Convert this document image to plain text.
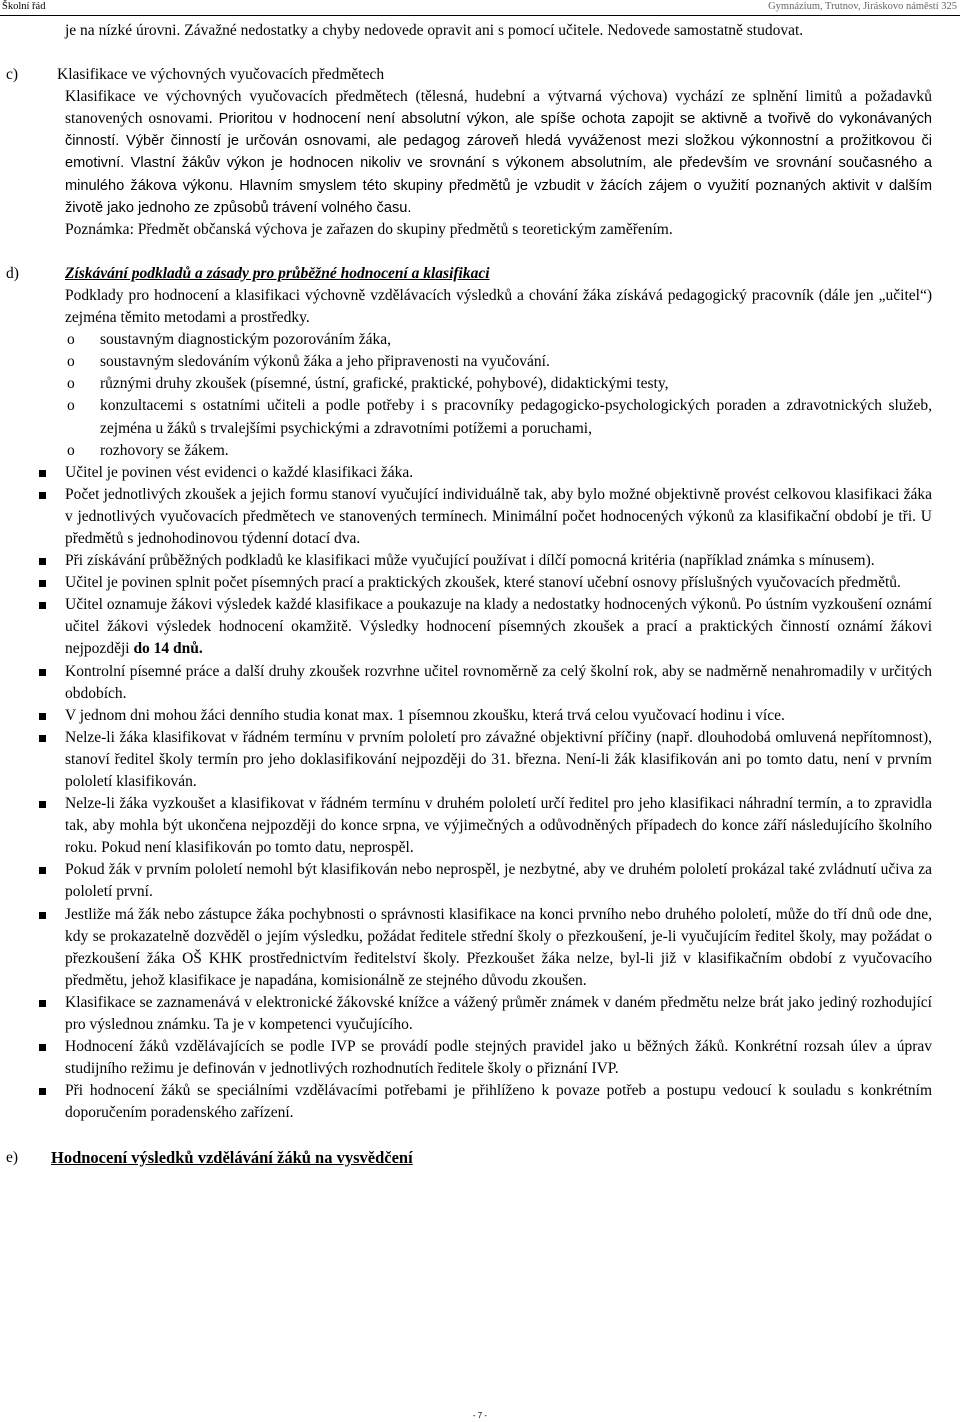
Školní řád	Gymnázium, Trutnov, Jiráskovo náměstí 325
je na nízké úrovni. Závažné nedostatky a chyby nedovede opravit ani s pomocí učitele. Nedovede samostatně studovat.
c)	Klasifikace ve výchovných vyučovacích předmětech
Klasifikace ve výchovných vyučovacích předmětech (tělesná, hudební a výtvarná výchova) vychází ze splnění limitů a požadavků stanovených osnovami. Prioritou v hodnocení není absolutní výkon, ale spíše ochota zapojit se aktivně a tvořivě do vykonávaných činností. Výběr činností je určován osnovami, ale pedagog zároveň hledá vyváženost mezi složkou výkonnostní a prožitkovou či emotivní. Vlastní žákův výkon je hodnocen nikoliv ve srovnání s výkonem absolutním, ale především ve srovnání současného a minulého žákova výkonu. Hlavním smyslem této skupiny předmětů je vzbudit v žácích zájem o využití poznaných aktivit v dalším životě jako jednoho ze způsobů trávení volného času.
Poznámka: Předmět občanská výchova je zařazen do skupiny předmětů s teoretickým zaměřením.
d)	Získávání podkladů a zásady pro průběžné hodnocení a klasifikaci
Podklady pro hodnocení a klasifikaci výchovně vzdělávacích výsledků a chování žáka získává pedagogický pracovník (dále jen „učitel“) zejména těmito metodami a prostředky.
o soustavným diagnostickým pozorováním žáka,
o soustavným sledováním výkonů žáka a jeho připravenosti na vyučování.
o různými druhy zkoušek (písemné, ústní, grafické, praktické, pohybové), didaktickými testy,
o konzultacemi s ostatními učiteli a podle potřeby i s pracovníky pedagogicko-psychologických poraden a zdravotnických služeb, zejména u žáků s trvalejšími psychickými a zdravotními potížemi a poruchami,
o rozhovory se žákem.
Učitel je povinen vést evidenci o každé klasifikaci žáka.
Počet jednotlivých zkoušek a jejich formu stanoví vyučující individuálně tak, aby bylo možné objektivně provést celkovou klasifikaci žáka v jednotlivých vyučovacích předmětech ve stanovených termínech. Minimální počet hodnocených výkonů za klasifikační období je tři. U předmětů s jednohodinovou týdenní dotací dva.
Při získávání průběžných podkladů ke klasifikaci může vyučující používat i dílčí pomocná kritéria (například známka s mínusem).
Učitel je povinen splnit počet písemných prací a praktických zkoušek, které stanoví učební osnovy příslušných vyučovacích předmětů.
Učitel oznamuje žákovi výsledek každé klasifikace a poukazuje na klady a nedostatky hodnocených výkonů. Po ústním vyzkoušení oznámí učitel žákovi výsledek hodnocení okamžitě. Výsledky hodnocení písemných zkoušek a prací a praktických činností oznámí žákovi nejpozději do 14 dnů.
Kontrolní písemné práce a další druhy zkoušek rozvrhne učitel rovnoměrně za celý školní rok, aby se nadměrně nenahromadily v určitých obdobích.
V jednom dni mohou žáci denního studia konat max. 1 písemnou zkoušku, která trvá celou vyučovací hodinu i více.
Nelze-li žáka klasifikovat v řádném termínu v prvním pololetí pro závažné objektivní příčiny (např. dlouhodobá omluvená nepřítomnost), stanoví ředitel školy termín pro jeho doklasifikování nejpozději do 31. března. Není-li žák klasifikován ani po tomto datu, není v prvním pololetí klasifikován.
Nelze-li žáka vyzkoušet a klasifikovat v řádném termínu v druhém pololetí určí ředitel pro jeho klasifikaci náhradní termín, a to zpravidla tak, aby mohla být ukončena nejpozději do konce srpna, ve výjimečných a odůvodněných případech do konce září následujícího školního roku. Pokud není klasifikován po tomto datu, neprospěl.
Pokud žák v prvním pololetí nemohl být klasifikován nebo neprospěl, je nezbytné, aby ve druhém pololetí prokázal také zvládnutí učiva za pololetí první.
Jestliže má žák nebo zástupce žáka pochybnosti o správnosti klasifikace na konci prvního nebo druhého pololetí, může do tří dnů ode dne, kdy se prokazatelně dozvěděl o jejím výsledku, požádat ředitele střední školy o přezkoušení, je-li vyučujícím ředitel školy, may požádat o přezkoušení žáka OŠ KHK prostřednictvím ředitelství školy. Přezkoušet žáka nelze, byl-li již v klasifikačním období z vyučovacího předmětu, jehož klasifikace je napadána, komisionálně ze stejného důvodu zkoušen.
Klasifikace se zaznamenává v elektronické žákovské knížce a vážený průměr známek v daném předmětu nelze brát jako jediný rozhodující pro výslednou známku. Ta je v kompetenci vyučujícího.
Hodnocení žáků vzdělávajících se podle IVP se provádí podle stejných pravidel jako u běžných žáků. Konkrétní rozsah úlev a úprav studijního režimu je definován v jednotlivých rozhodnutích ředitele školy o přiznání IVP.
Při hodnocení žáků se speciálními vzdělávacími potřebami je přihlíženo k povaze potřeb a postupu vedoucí k souladu s konkrétním doporučením poradenského zařízení.
e) Hodnocení výsledků vzdělávání žáků na vysvědčení
- 7 -
